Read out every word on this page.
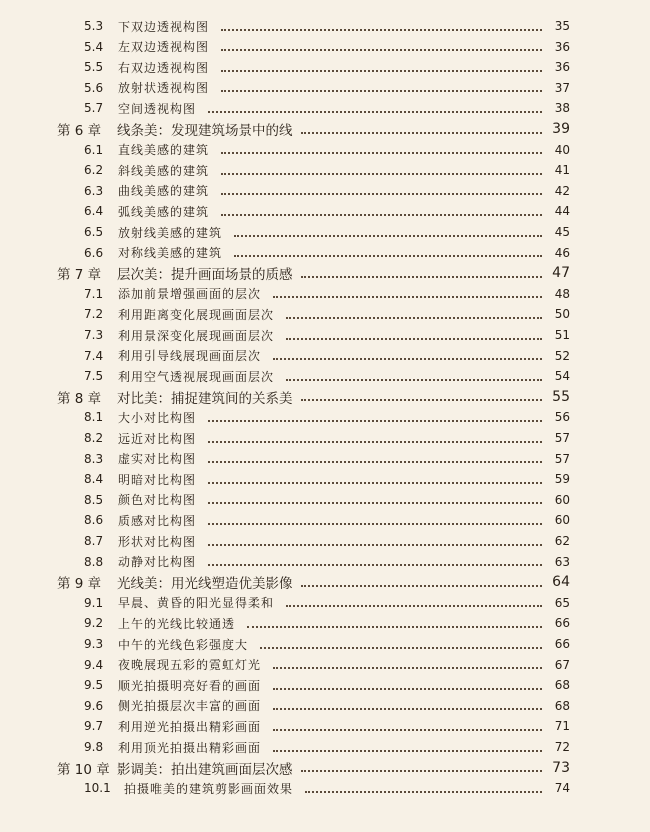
5.3	下双边透视构图	35
5.4	左双边透视构图	36
5.5	右双边透视构图	36
5.6	放射状透视构图	37
5.7	空间透视构图	38
第 6 章	线条美：发现建筑场景中的线	39
6.1	直线美感的建筑	40
6.2	斜线美感的建筑	41
6.3	曲线美感的建筑	42
6.4	弧线美感的建筑	44
6.5	放射线美感的建筑	45
6.6	对称线美感的建筑	46
第 7 章	层次美：提升画面场景的质感	47
7.1	添加前景增强画面的层次	48
7.2	利用距离变化展现画面层次	50
7.3	利用景深变化展现画面层次	51
7.4	利用引导线展现画面层次	52
7.5	利用空气透视展现画面层次	54
第 8 章	对比美：捕捉建筑间的关系美	55
8.1	大小对比构图	56
8.2	远近对比构图	57
8.3	虚实对比构图	57
8.4	明暗对比构图	59
8.5	颜色对比构图	60
8.6	质感对比构图	60
8.7	形状对比构图	62
8.8	动静对比构图	63
第 9 章	光线美：用光线塑造优美影像	64
9.1	早晨、黄昏的阳光显得柔和	65
9.2	上午的光线比较通透	66
9.3	中午的光线色彩强度大	66
9.4	夜晚展现五彩的霓虹灯光	67
9.5	顺光拍摄明亮好看的画面	68
9.6	侧光拍摄层次丰富的画面	68
9.7	利用逆光拍摄出精彩画面	71
9.8	利用顶光拍摄出精彩画面	72
第 10 章 影调美：拍出建筑画面层次感	73
10.1	拍摄唯美的建筑剪影画面效果	74
